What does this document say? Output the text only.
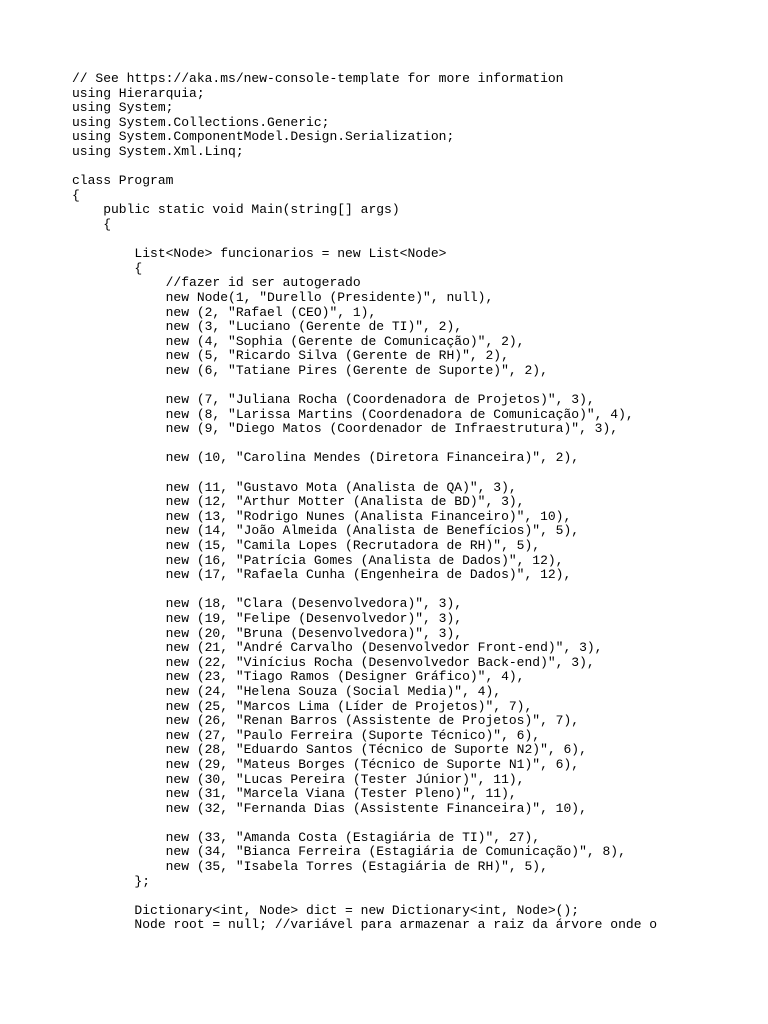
// See https://aka.ms/new-console-template for more information
using Hierarquia;
using System;
using System.Collections.Generic;
using System.ComponentModel.Design.Serialization;
using System.Xml.Linq;
class Program
{
public static void Main(string[] args)
{
List<Node> funcionarios = new List<Node>
{
//fazer id ser autogerado
new Node(1, "Durello (Presidente)", null),
new (2, "Rafael (CEO)", 1),
new (3, "Luciano (Gerente de TI)", 2),
new (4, "Sophia (Gerente de Comunicação)", 2),
new (5, "Ricardo Silva (Gerente de RH)", 2),
new (6, "Tatiane Pires (Gerente de Suporte)", 2),
new (7, "Juliana Rocha (Coordenadora de Projetos)", 3),
new (8, "Larissa Martins (Coordenadora de Comunicação)", 4),
new (9, "Diego Matos (Coordenador de Infraestrutura)", 3),
new (10, "Carolina Mendes (Diretora Financeira)", 2),
new (11, "Gustavo Mota (Analista de QA)", 3),
new (12, "Arthur Motter (Analista de BD)", 3),
new (13, "Rodrigo Nunes (Analista Financeiro)", 10),
new (14, "João Almeida (Analista de Benefícios)", 5),
new (15, "Camila Lopes (Recrutadora de RH)", 5),
new (16, "Patrícia Gomes (Analista de Dados)", 12),
new (17, "Rafaela Cunha (Engenheira de Dados)", 12),
new (18, "Clara (Desenvolvedora)", 3),
new (19, "Felipe (Desenvolvedor)", 3),
new (20, "Bruna (Desenvolvedora)", 3),
new (21, "André Carvalho (Desenvolvedor Front-end)", 3),
new (22, "Vinícius Rocha (Desenvolvedor Back-end)", 3),
new (23, "Tiago Ramos (Designer Gráfico)", 4),
new (24, "Helena Souza (Social Media)", 4),
new (25, "Marcos Lima (Líder de Projetos)", 7),
new (26, "Renan Barros (Assistente de Projetos)", 7),
new (27, "Paulo Ferreira (Suporte Técnico)", 6),
new (28, "Eduardo Santos (Técnico de Suporte N2)", 6),
new (29, "Mateus Borges (Técnico de Suporte N1)", 6),
new (30, "Lucas Pereira (Tester Júnior)", 11),
new (31, "Marcela Viana (Tester Pleno)", 11),
new (32, "Fernanda Dias (Assistente Financeira)", 10),
new (33, "Amanda Costa (Estagiária de TI)", 27),
new (34, "Bianca Ferreira (Estagiária de Comunicação)", 8),
new (35, "Isabela Torres (Estagiária de RH)", 5),
};
Dictionary<int, Node> dict = new Dictionary<int, Node>();
Node root = null; //variável para armazenar a raiz da árvore onde o
